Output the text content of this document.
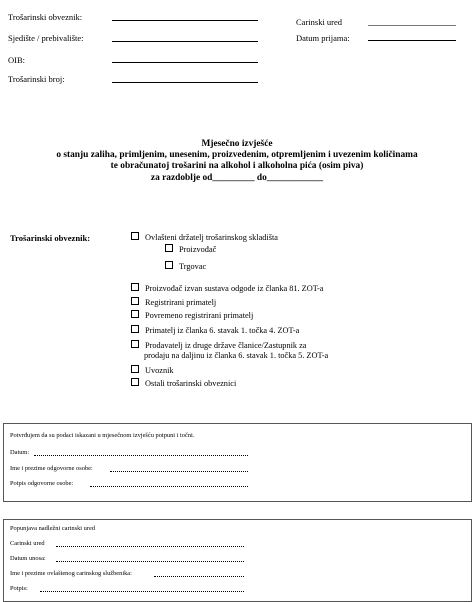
Trošarinski obveznik:
Sjedište / prebivalište:
OIB:
Trošarinski broj:
Carinski ured
Datum prijama:
Mjesečno izvješće
o stanju zaliha, primljenim, unesenim, proizvedenim, otpremljenim i uvezenim količinama
te obračunatoj trošarini na alkohol i alkoholna pića (osim piva)
za razdoblje od_________ do____________
Trošarinski obveznik:	Ovlašteni držatelj trošarinskog skladišta
Proizvođač
Trgovac
Proizvođač izvan sustava odgode iz članka 81. ZOT-a
Registrirani primatelj
Povremeno registrirani primatelj
Primatelj iz članka 6. stavak 1. točka 4. ZOT-a
Prodavatelj iz druge države članice/Zastupnik za
prodaju na daljinu iz članka 6. stavak 1. točka 5. ZOT-a
Uvoznik
Ostali trošarinski obveznici
Potvrđujem da su podaci iskazani u mjesečnom izvješću potpuni i točni.
Datum:
Ime i prezime odgovorne osobe:
Potpis odgovorne osobe:
Popunjava nadležni carinski ured
Carinski ured
Datum unosa:
Ime i prezime ovlaštenog carinskog službenika:
Potpis:
